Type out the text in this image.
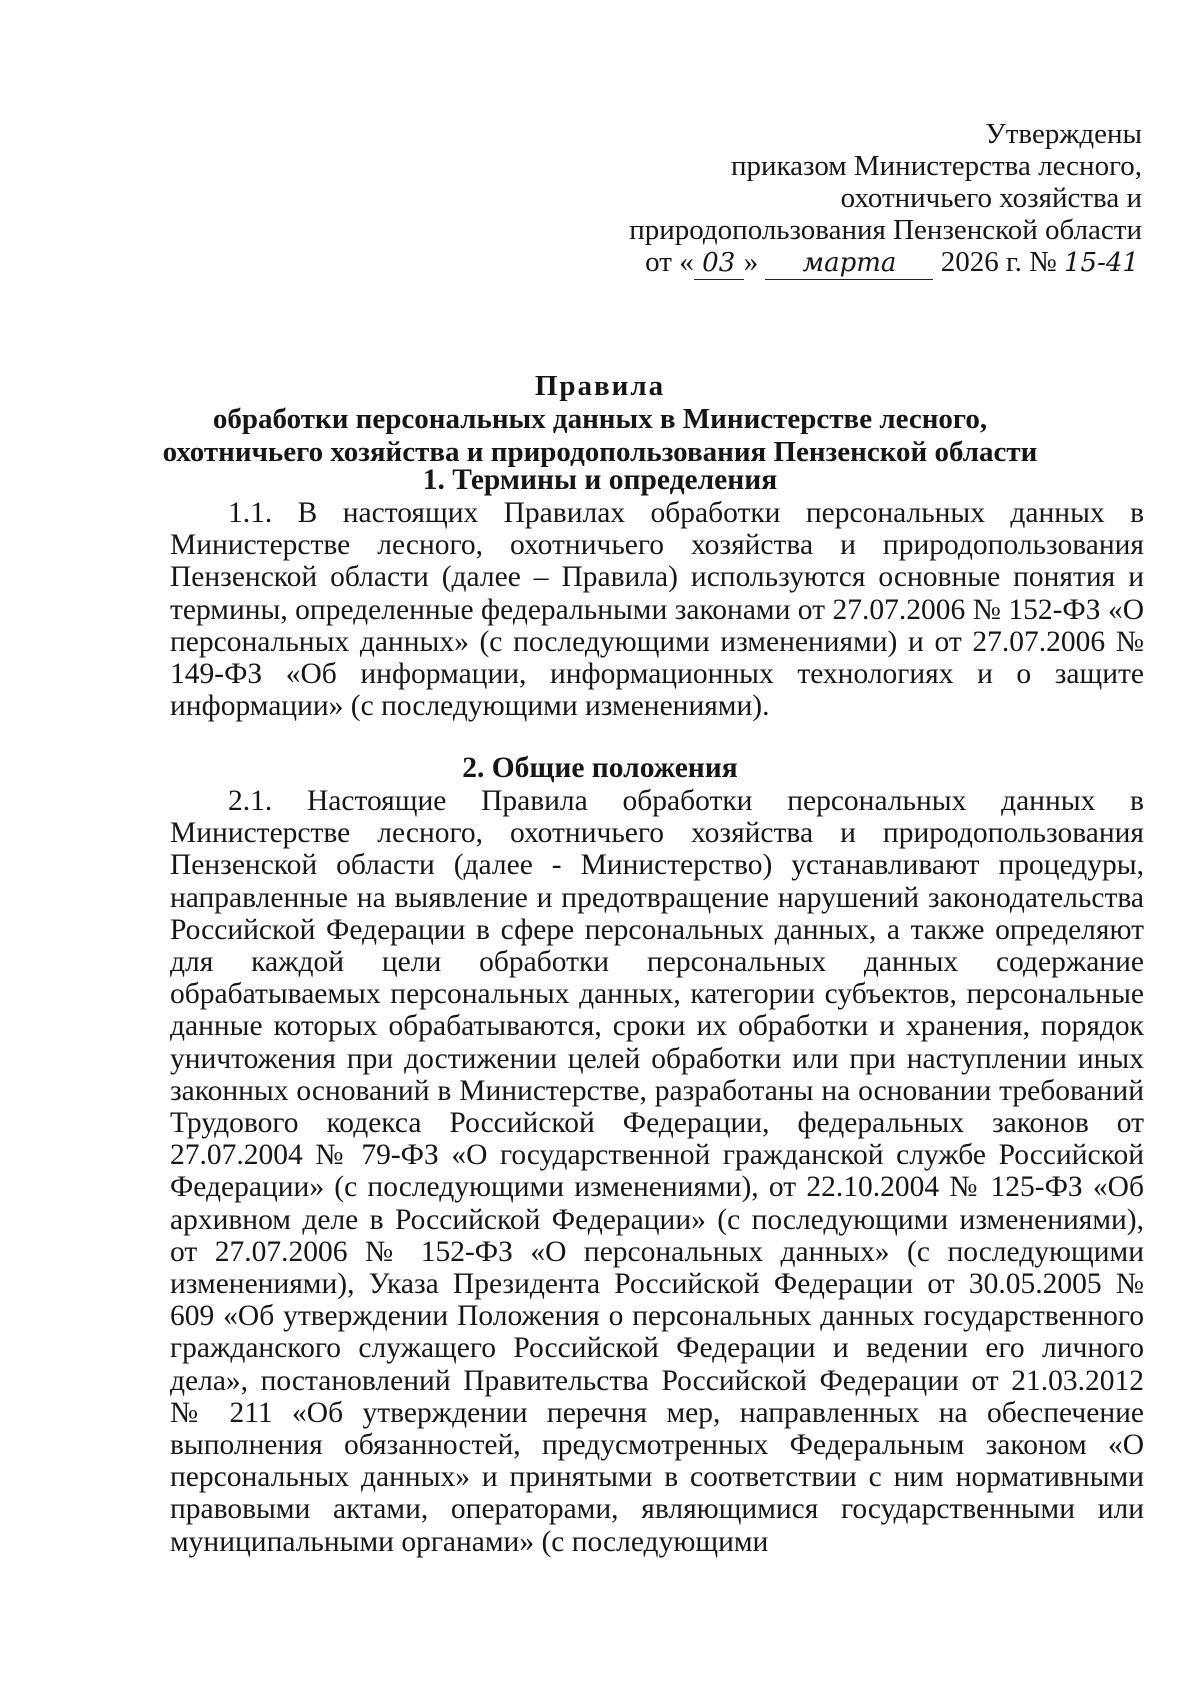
Утверждены
приказом Министерства лесного,
охотничьего хозяйства и
природопользования Пензенской области
от « 03 » марта 2026 г. № 15-41
Правила
обработки персональных данных в Министерстве лесного,
охотничьего хозяйства и природопользования Пензенской области
1. Термины и определения

1.1. В настоящих Правилах обработки персональных данных в Министерстве лесного, охотничьего хозяйства и природопользования Пензенской области (далее – Правила) используются основные понятия и термины, определенные федеральными законами от 27.07.2006 № 152-ФЗ «О персональных данных» (с последующими изменениями) и от 27.07.2006 № 149-ФЗ «Об информации, информационных технологиях и о защите информации» (с последующими изменениями).

2. Общие положения

2.1. Настоящие Правила обработки персональных данных в Министерстве лесного, охотничьего хозяйства и природопользования Пензенской области (далее - Министерство) устанавливают процедуры, направленные на выявление и предотвращение нарушений законодательства Российской Федерации в сфере персональных данных, а также определяют для каждой цели обработки персональных данных содержание обрабатываемых персональных данных, категории субъектов, персональные данные которых обрабатываются, сроки их обработки и хранения, порядок уничтожения при достижении целей обработки или при наступлении иных законных оснований в Министерстве, разработаны на основании требований Трудового кодекса Российской Федерации, федеральных законов от 27.07.2004 № 79-ФЗ «О государственной гражданской службе Российской Федерации» (с последующими изменениями), от 22.10.2004 № 125-ФЗ «Об архивном деле в Российской Федерации» (с последующими изменениями), от 27.07.2006 № 152-ФЗ «О персональных данных» (с последующими изменениями), Указа Президента Российской Федерации от 30.05.2005 № 609 «Об утверждении Положения о персональных данных государственного гражданского служащего Российской Федерации и ведении его личного дела», постановлений Правительства Российской Федерации от 21.03.2012 № 211 «Об утверждении перечня мер, направленных на обеспечение выполнения обязанностей, предусмотренных Федеральным законом «О персональных данных» и принятыми в соответствии с ним нормативными правовыми актами, операторами, являющимися государственными или муниципальными органами» (с последующими
